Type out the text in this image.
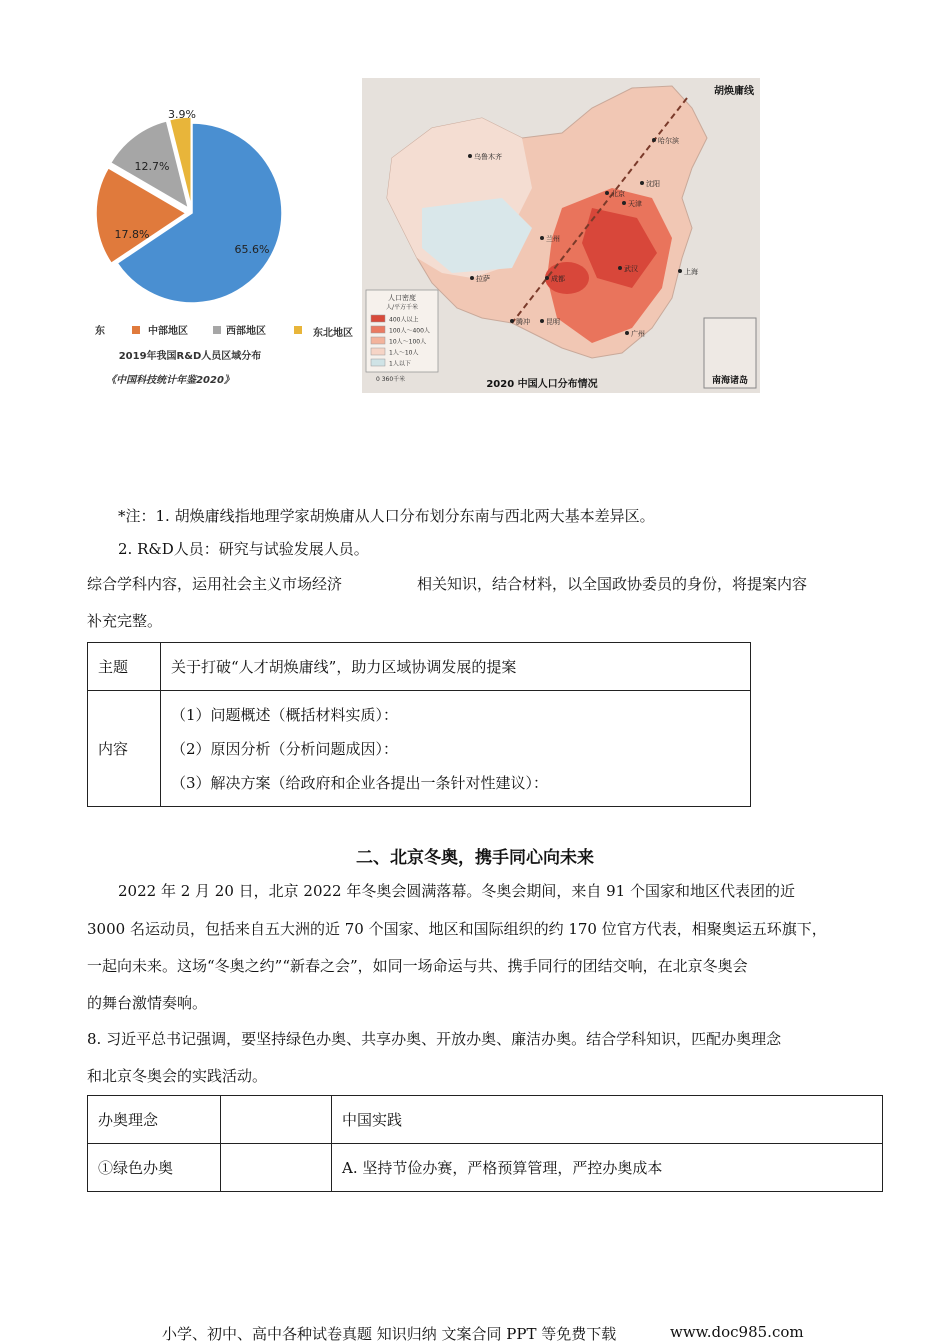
65.6%
17.8%
12.7%
3.9%
东	中部地区	西部地区
2019年我国R&D人员区域分布
《中国科技统计年鉴2020》
东北地区
人口密度
人/平方千米
400人以上
100人～400人
10人～100人
1人～10人
1人以下
0 360千米	南海诸岛
胡焕庸线
2020 中国人口分布情况
乌鲁木齐
哈尔滨
沈阳
北京
天津
兰州
拉萨	成都
武汉	上海
腾冲 昆明
广州
*注：1. 胡焕庸线指地理学家胡焕庸从人口分布划分东南与西北两大基本差异区。
2. R&D人员：研究与试验发展人员。
综合学科内容，运用社会主义市场经济	相关知识，结合材料，以全国政协委员的身份，将提案内容
补充完整。
主题	关于打破“人才胡焕庸线”，助力区域协调发展的提案
内容	（1）问题概述（概括材料实质）：
（2）原因分析（分析问题成因）：
（3）解决方案（给政府和企业各提出一条针对性建议）：
二、北京冬奥，携手同心向未来
2022 年 2 月 20 日，北京 2022 年冬奥会圆满落幕。冬奥会期间，来自 91 个国家和地区代表团的近
3000 名运动员，包括来自五大洲的近 70 个国家、地区和国际组织的约 170 位官方代表，相聚奥运五环旗下，
一起向未来。这场“冬奥之约”“新春之会”，如同一场命运与共、携手同行的团结交响，在北京冬奥会
的舞台激情奏响。
8. 习近平总书记强调，要坚持绿色办奥、共享办奥、开放办奥、廉洁办奥。结合学科知识，匹配办奥理念
和北京冬奥会的实践活动。
办奥理念		中国实践
①绿色办奥		A. 坚持节俭办赛，严格预算管理，严控办奥成本
小学、初中、高中各种试卷真题 知识归纳 文案合同 PPT 等免费下载	www.doc985.com
